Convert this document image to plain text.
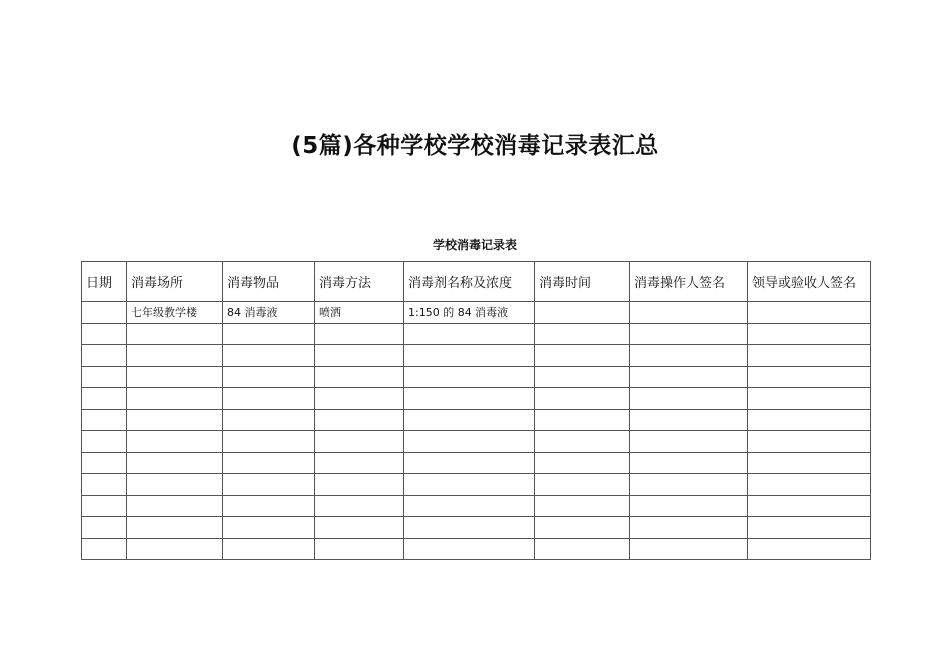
(5篇)各种学校学校消毒记录表汇总
学校消毒记录表
日期	消毒场所	消毒物品	消毒方法	消毒剂名称及浓度	消毒时间	消毒操作人签名	领导或验收人签名
	七年级教学楼	84 消毒液	喷洒	1:150 的 84 消毒液			
